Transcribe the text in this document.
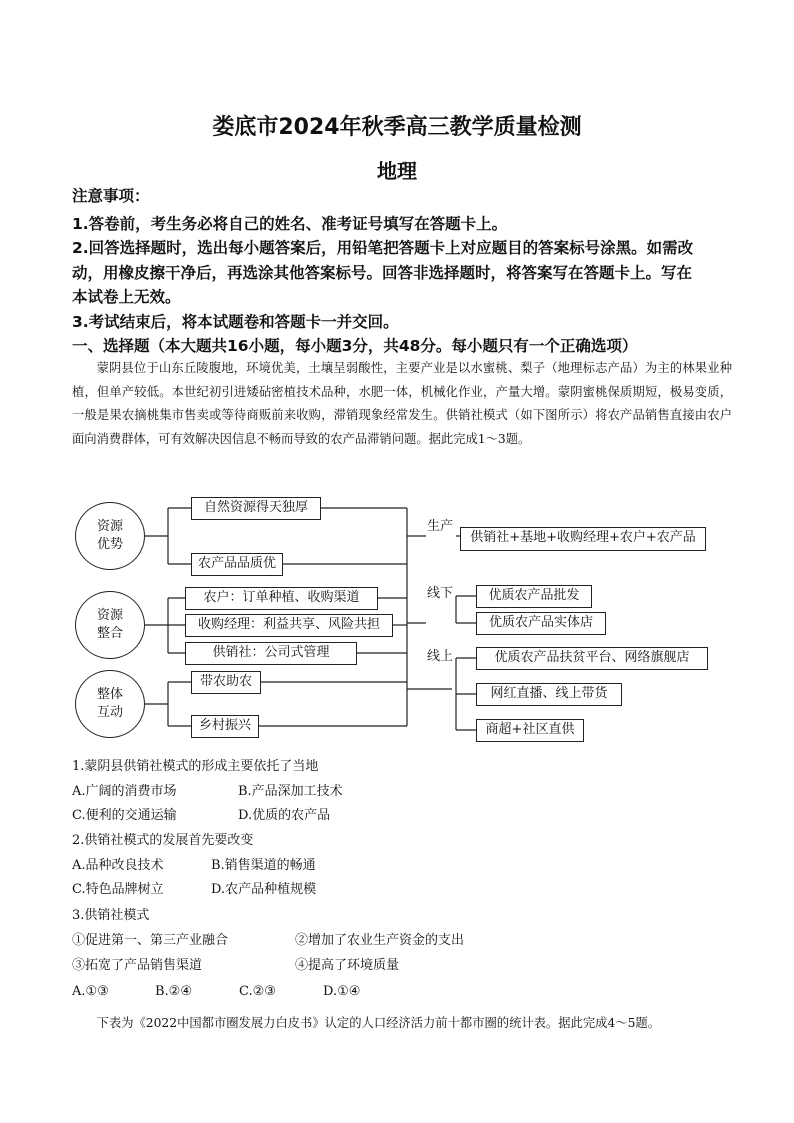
娄底市2024年秋季高三教学质量检测
地理
注意事项：
1.答卷前，考生务必将自己的姓名、准考证号填写在答题卡上。
2.回答选择题时，选出每小题答案后，用铅笔把答题卡上对应题目的答案标号涂黑。如需改
动，用橡皮擦干净后，再选涂其他答案标号。回答非选择题时，将答案写在答题卡上。写在
本试卷上无效。
3.考试结束后，将本试题卷和答题卡一并交回。
一、选择题（本大题共16小题，每小题3分，共48分。每小题只有一个正确选项）
蒙阴县位于山东丘陵腹地，环境优美，土壤呈弱酸性，主要产业是以水蜜桃、梨子（地理标志产品）为主的林果业种植，但单产较低。本世纪初引进矮砧密植技术品种，水肥一体，机械化作业，产量大增。蒙阴蜜桃保质期短，极易变质，一般是果农摘桃集市售卖或等待商贩前来收购，滞销现象经常发生。供销社模式（如下图所示）将农产品销售直接由农户面向消费群体，可有效解决因信息不畅而导致的农产品滞销问题。据此完成1～3题。
资源优势
资源整合
整体互动
自然资源得天独厚
农产品品质优
农户：订单种植、收购渠道
收购经理：利益共享、风险共担
供销社：公司式管理
带农助农
乡村振兴
生产
线下
线上
供销社+基地+收购经理+农户+农产品
优质农产品批发
优质农产品实体店
优质农产品扶贫平台、网络旗舰店
网红直播、线上带货
商超+社区直供
1.蒙阴县供销社模式的形成主要依托了当地
A.广阔的消费市场	B.产品深加工技术
C.便利的交通运输	D.优质的农产品
2.供销社模式的发展首先要改变
A.品种改良技术	B.销售渠道的畅通
C.特色品牌树立	D.农产品种植规模
3.供销社模式
①促进第一、第三产业融合	②增加了农业生产资金的支出
③拓宽了产品销售渠道	④提高了环境质量
A.①③	B.②④	C.②③	D.①④
下表为《2022中国都市圈发展力白皮书》认定的人口经济活力前十都市圈的统计表。据此完成4～5题。
